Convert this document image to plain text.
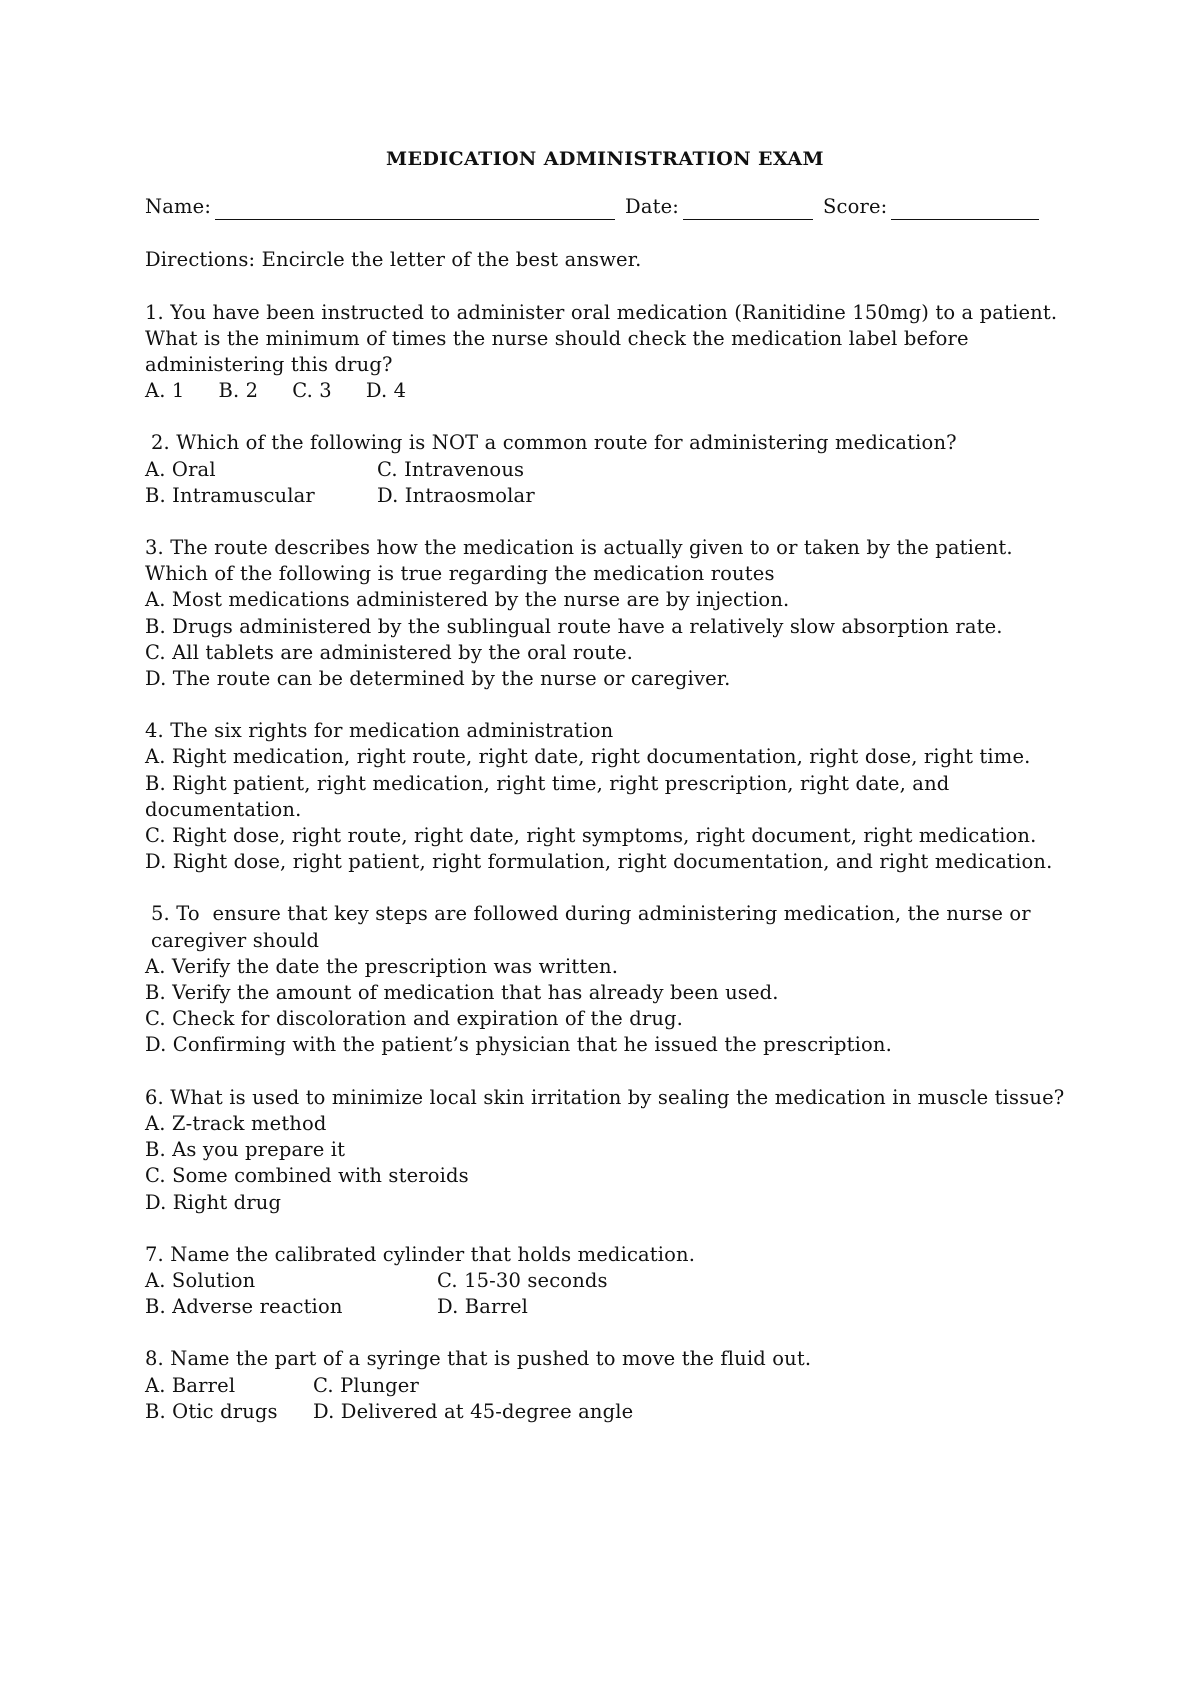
MEDICATION ADMINISTRATION EXAM
Name:	Date:	Score:
Directions: Encircle the letter of the best answer.
1. You have been instructed to administer oral medication (Ranitidine 150mg) to a patient. What is the minimum of times the nurse should check the medication label before administering this drug?
A. 1 B. 2 C. 3 D. 4
2. Which of the following is NOT a common route for administering medication?
A. Oral	C. Intravenous
B. Intramuscular	D. Intraosmolar
3. The route describes how the medication is actually given to or taken by the patient. Which of the following is true regarding the medication routes
A. Most medications administered by the nurse are by injection.
B. Drugs administered by the sublingual route have a relatively slow absorption rate.
C. All tablets are administered by the oral route.
D. The route can be determined by the nurse or caregiver.
4. The six rights for medication administration
A. Right medication, right route, right date, right documentation, right dose, right time.
B. Right patient, right medication, right time, right prescription, right date, and documentation.
C. Right dose, right route, right date, right symptoms, right document, right medication.
D. Right dose, right patient, right formulation, right documentation, and right medication.
5. To  ensure that key steps are followed during administering medication, the nurse or caregiver should
A. Verify the date the prescription was written.
B. Verify the amount of medication that has already been used.
C. Check for discoloration and expiration of the drug.
D. Confirming with the patient’s physician that he issued the prescription.
6. What is used to minimize local skin irritation by sealing the medication in muscle tissue?
A. Z-track method
B. As you prepare it
C. Some combined with steroids
D. Right drug
7. Name the calibrated cylinder that holds medication.
A. Solution	C. 15-30 seconds
B. Adverse reaction	D. Barrel
8. Name the part of a syringe that is pushed to move the fluid out.
A. Barrel	C. Plunger
B. Otic drugs	D. Delivered at 45-degree angle
